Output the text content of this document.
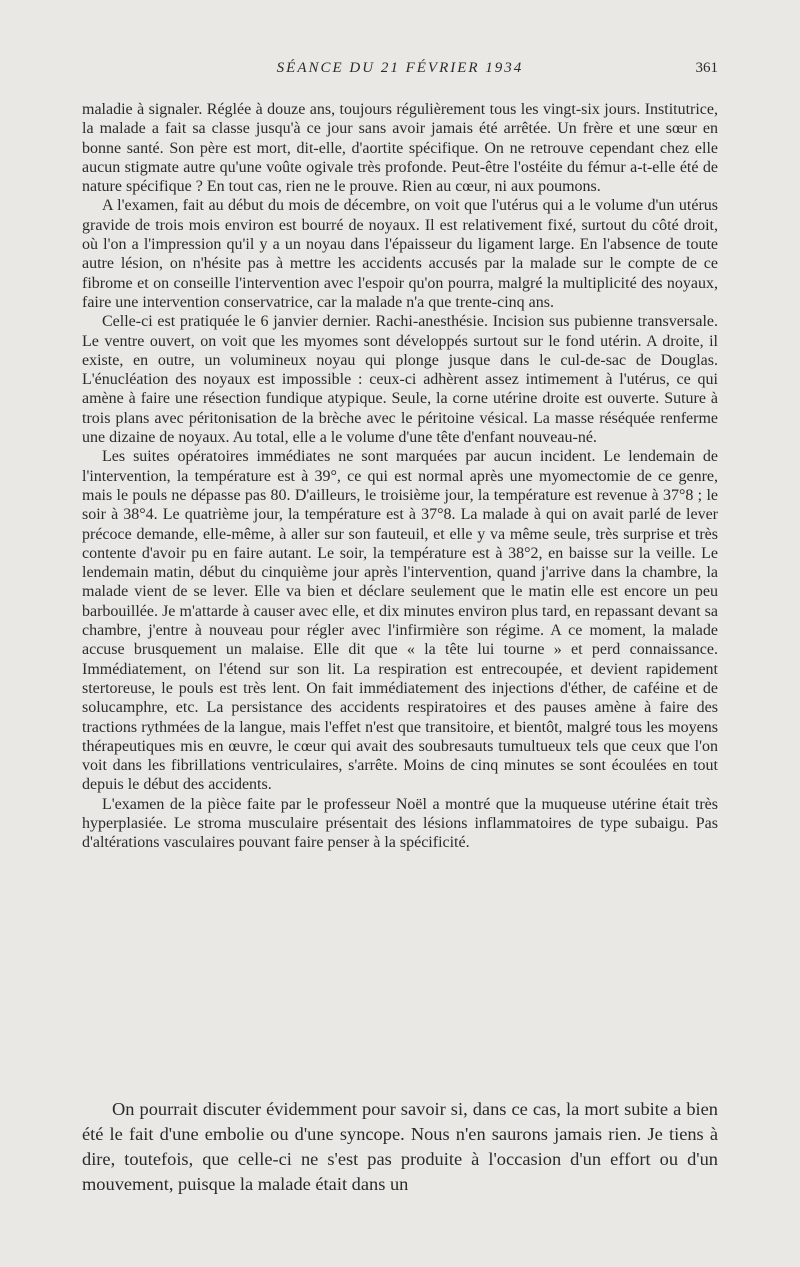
SÉANCE DU 21 FÉVRIER 1934	361

maladie à signaler. Réglée à douze ans, toujours régulièrement tous les vingt-six jours. Institutrice, la malade a fait sa classe jusqu'à ce jour sans avoir jamais été arrêtée. Un frère et une sœur en bonne santé. Son père est mort, dit-elle, d'aortite spécifique. On ne retrouve cependant chez elle aucun stigmate autre qu'une voûte ogivale très profonde. Peut-être l'ostéite du fémur a-t-elle été de nature spécifique ? En tout cas, rien ne le prouve. Rien au cœur, ni aux poumons.

A l'examen, fait au début du mois de décembre, on voit que l'utérus qui a le volume d'un utérus gravide de trois mois environ est bourré de noyaux. Il est relativement fixé, surtout du côté droit, où l'on a l'impression qu'il y a un noyau dans l'épaisseur du ligament large. En l'absence de toute autre lésion, on n'hésite pas à mettre les accidents accusés par la malade sur le compte de ce fibrome et on conseille l'intervention avec l'espoir qu'on pourra, malgré la multiplicité des noyaux, faire une intervention conservatrice, car la malade n'a que trente-cinq ans.

Celle-ci est pratiquée le 6 janvier dernier. Rachi-anesthésie. Incision sus pubienne transversale. Le ventre ouvert, on voit que les myomes sont développés surtout sur le fond utérin. A droite, il existe, en outre, un volumineux noyau qui plonge jusque dans le cul-de-sac de Douglas. L'énucléation des noyaux est impossible : ceux-ci adhèrent assez intimement à l'utérus, ce qui amène à faire une résection fundique atypique. Seule, la corne utérine droite est ouverte. Suture à trois plans avec péritonisation de la brèche avec le péritoine vésical. La masse réséquée renferme une dizaine de noyaux. Au total, elle a le volume d'une tête d'enfant nouveau-né.

Les suites opératoires immédiates ne sont marquées par aucun incident. Le lendemain de l'intervention, la température est à 39°, ce qui est normal après une myomectomie de ce genre, mais le pouls ne dépasse pas 80. D'ailleurs, le troisième jour, la température est revenue à 37°8 ; le soir à 38°4. Le quatrième jour, la température est à 37°8. La malade à qui on avait parlé de lever précoce demande, elle-même, à aller sur son fauteuil, et elle y va même seule, très surprise et très contente d'avoir pu en faire autant. Le soir, la température est à 38°2, en baisse sur la veille. Le lendemain matin, début du cinquième jour après l'intervention, quand j'arrive dans la chambre, la malade vient de se lever. Elle va bien et déclare seulement que le matin elle est encore un peu barbouillée. Je m'attarde à causer avec elle, et dix minutes environ plus tard, en repassant devant sa chambre, j'entre à nouveau pour régler avec l'infirmière son régime. A ce moment, la malade accuse brusquement un malaise. Elle dit que « la tête lui tourne » et perd connaissance. Immédiatement, on l'étend sur son lit. La respiration est entrecoupée, et devient rapidement stertoreuse, le pouls est très lent. On fait immédiatement des injections d'éther, de caféine et de solucamphre, etc. La persistance des accidents respiratoires et des pauses amène à faire des tractions rythmées de la langue, mais l'effet n'est que transitoire, et bientôt, malgré tous les moyens thérapeutiques mis en œuvre, le cœur qui avait des soubresauts tumultueux tels que ceux que l'on voit dans les fibrillations ventriculaires, s'arrête. Moins de cinq minutes se sont écoulées en tout depuis le début des accidents.

L'examen de la pièce faite par le professeur Noël a montré que la muqueuse utérine était très hyperplasiée. Le stroma musculaire présentait des lésions inflammatoires de type subaigu. Pas d'altérations vasculaires pouvant faire penser à la spécificité.

On pourrait discuter évidemment pour savoir si, dans ce cas, la mort subite a bien été le fait d'une embolie ou d'une syncope. Nous n'en saurons jamais rien. Je tiens à dire, toutefois, que celle-ci ne s'est pas produite à l'occasion d'un effort ou d'un mouvement, puisque la malade était dans un
